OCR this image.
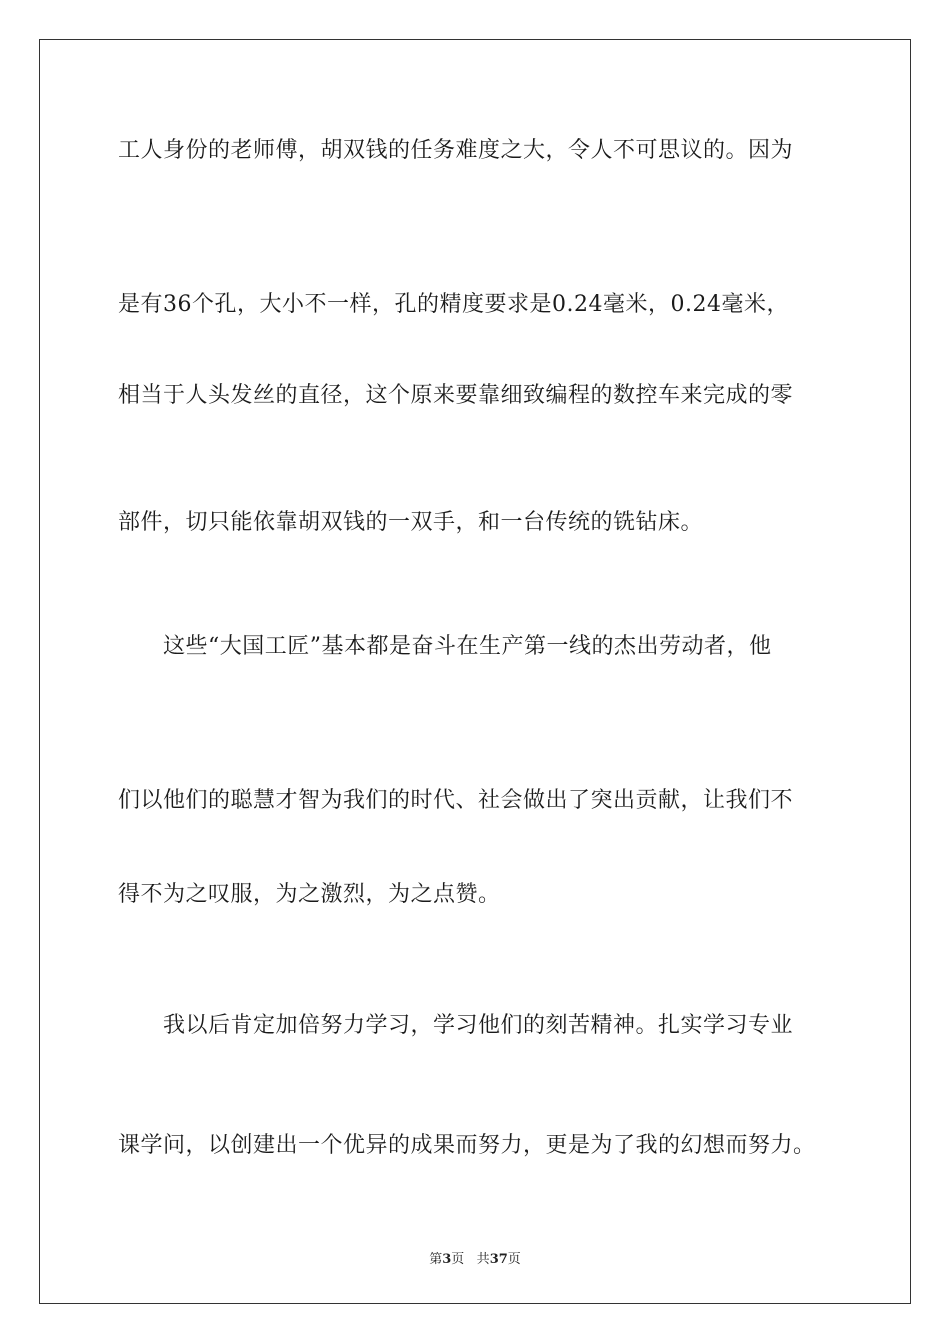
工人身份的老师傅，胡双钱的任务难度之大，令人不可思议的。因为
是有36个孔，大小不一样，孔的精度要求是0.24毫米，0.24毫米，
相当于人头发丝的直径，这个原来要靠细致编程的数控车来完成的零
部件，切只能依靠胡双钱的一双手，和一台传统的铣钻床。
　　这些“大国工匠”基本都是奋斗在生产第一线的杰出劳动者，他
们以他们的聪慧才智为我们的时代、社会做出了突出贡献，让我们不
得不为之叹服，为之激烈，为之点赞。
　　我以后肯定加倍努力学习，学习他们的刻苦精神。扎实学习专业
课学问，以创建出一个优异的成果而努力，更是为了我的幻想而努力。
第3页 共37页
